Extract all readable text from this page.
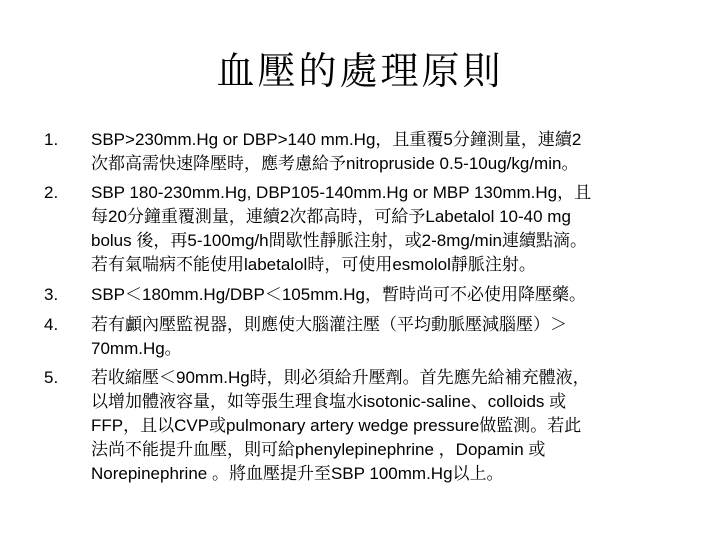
血壓的處理原則
1. SBP>230mm.Hg or DBP>140 mm.Hg，且重覆5分鐘測量，連續2
次都高需快速降壓時，應考慮給予nitropruside 0.5-10ug/kg/min。
2. SBP 180-230mm.Hg, DBP105-140mm.Hg or MBP 130mm.Hg，且
每20分鐘重覆測量，連續2次都高時，可給予Labetalol 10-40 mg
bolus 後，再5-100mg/h間歇性靜脈注射，或2-8mg/min連續點滴。
若有氣喘病不能使用labetalol時，可使用esmolol靜脈注射。
3. SBP＜180mm.Hg/DBP＜105mm.Hg，暫時尚可不必使用降壓藥。
4. 若有顱內壓監視器，則應使大腦灌注壓（平均動脈壓減腦壓）＞
70mm.Hg。
5. 若收縮壓＜90mm.Hg時，則必須給升壓劑。首先應先給補充體液，
以增加體液容量，如等張生理食塩水isotonic-saline、colloids 或
FFP，且以CVP或pulmonary artery wedge pressure做監測。若此
法尚不能提升血壓，則可給phenylepinephrine ，Dopamin 或
Norepinephrine 。將血壓提升至SBP 100mm.Hg以上。
